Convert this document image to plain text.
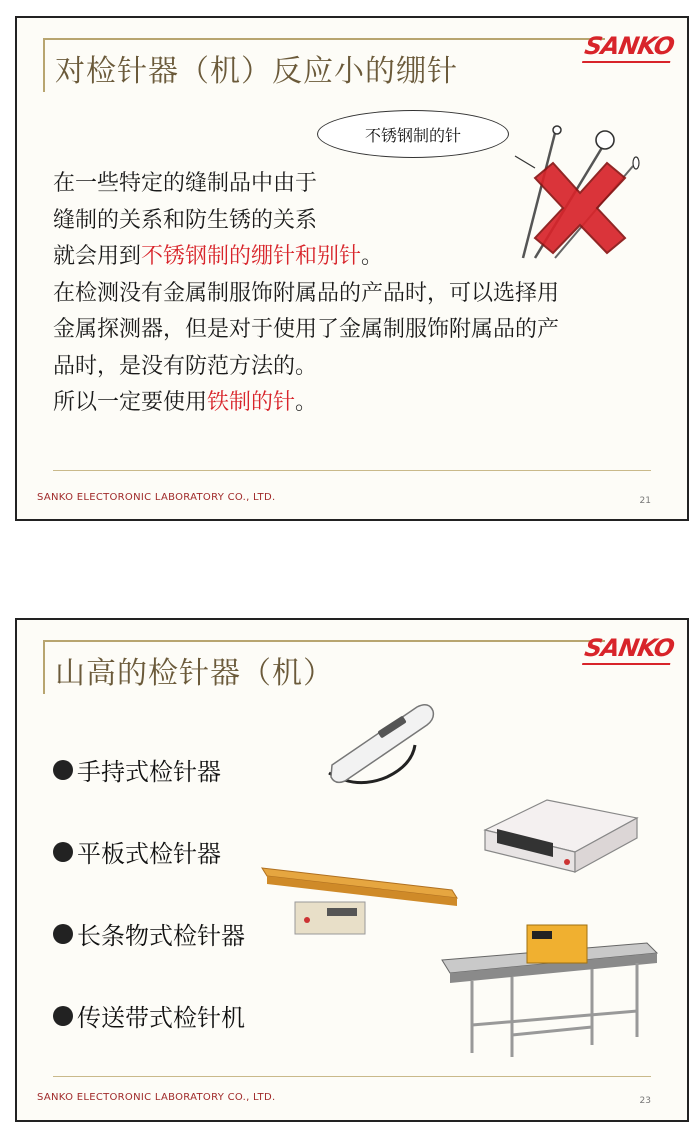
对检针器（机）反应小的绷针
SANKO
不锈钢制的针
在一些特定的缝制品中由于
缝制的关系和防生锈的关系
就会用到不锈钢制的绷针和别针。
在检测没有金属制服饰附属品的产品时，可以选择用
金属探测器，但是对于使用了金属制服饰附属品的产
品时，是没有防范方法的。
所以一定要使用铁制的针。
SANKO ELECTORONIC LABORATORY CO., LTD.	21
山高的检针器（机）
SANKO
手持式检针器
平板式检针器
长条物式检针器
传送带式检针机
SANKO ELECTORONIC LABORATORY CO., LTD.	23
